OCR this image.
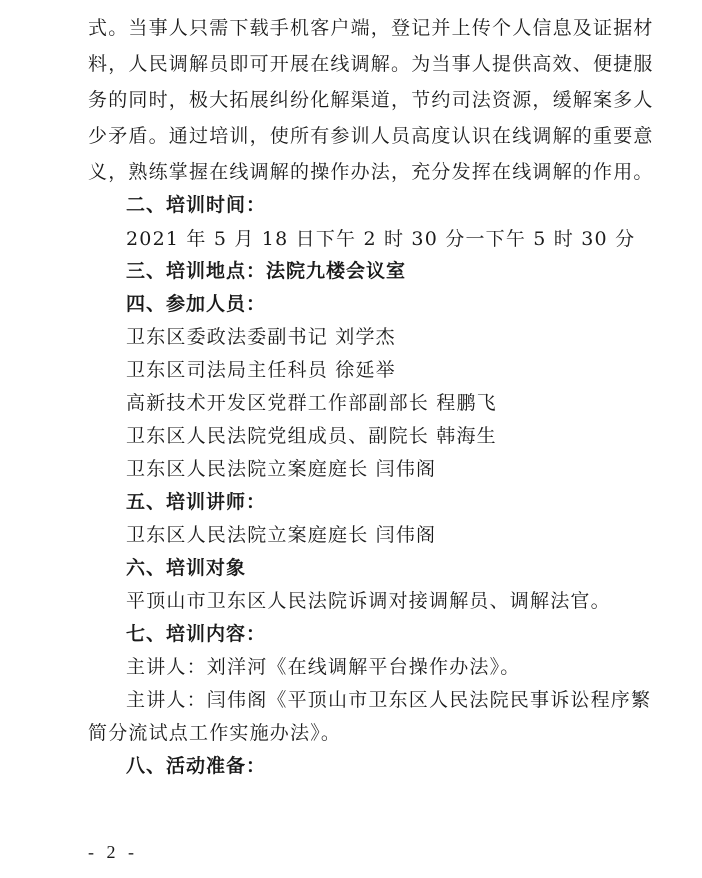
式。当事人只需下载手机客户端，登记并上传个人信息及证据材
料，人民调解员即可开展在线调解。为当事人提供高效、便捷服
务的同时，极大拓展纠纷化解渠道，节约司法资源，缓解案多人
少矛盾。通过培训，使所有参训人员高度认识在线调解的重要意
义，熟练掌握在线调解的操作办法，充分发挥在线调解的作用。
二、培训时间：
2021 年 5 月 18 日下午 2 时 30 分一下午 5 时 30 分
三、培训地点：法院九楼会议室
四、参加人员：
卫东区委政法委副书记 刘学杰
卫东区司法局主任科员 徐延举
高新技术开发区党群工作部副部长 程鹏飞
卫东区人民法院党组成员、副院长 韩海生
卫东区人民法院立案庭庭长 闫伟阁
五、培训讲师：
卫东区人民法院立案庭庭长 闫伟阁
六、培训对象
平顶山市卫东区人民法院诉调对接调解员、调解法官。
七、培训内容：
主讲人：刘洋河《在线调解平台操作办法》。
主讲人：闫伟阁《平顶山市卫东区人民法院民事诉讼程序繁
简分流试点工作实施办法》。
八、活动准备：
- 2 -
